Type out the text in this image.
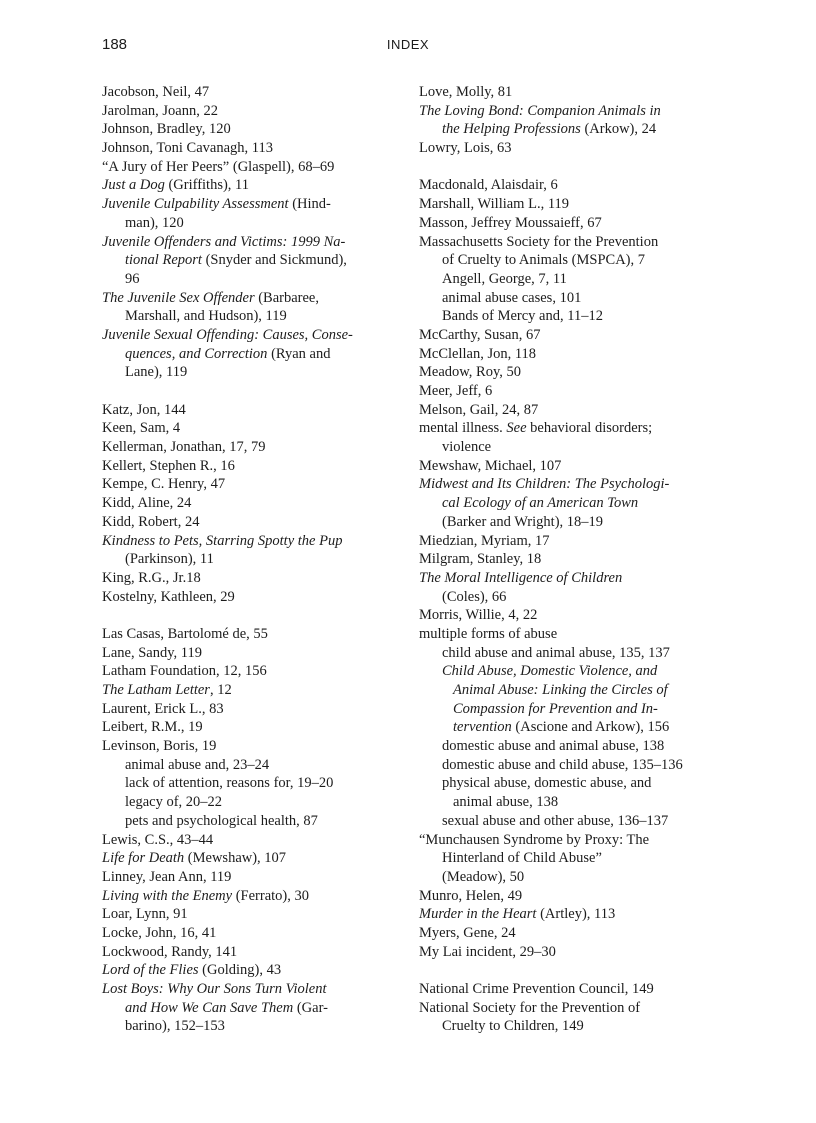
188	INDEX
Jacobson, Neil, 47
Jarolman, Joann, 22
Johnson, Bradley, 120
Johnson, Toni Cavanagh, 113
“A Jury of Her Peers” (Glaspell), 68–69
Just a Dog (Griffiths), 11
Juvenile Culpability Assessment (Hind-
man), 120
Juvenile Offenders and Victims: 1999 Na-
tional Report (Snyder and Sickmund),
96
The Juvenile Sex Offender (Barbaree,
Marshall, and Hudson), 119
Juvenile Sexual Offending: Causes, Conse-
quences, and Correction (Ryan and
Lane), 119
Katz, Jon, 144
Keen, Sam, 4
Kellerman, Jonathan, 17, 79
Kellert, Stephen R., 16
Kempe, C. Henry, 47
Kidd, Aline, 24
Kidd, Robert, 24
Kindness to Pets, Starring Spotty the Pup
(Parkinson), 11
King, R.G., Jr.18
Kostelny, Kathleen, 29
Las Casas, Bartolomé de, 55
Lane, Sandy, 119
Latham Foundation, 12, 156
The Latham Letter, 12
Laurent, Erick L., 83
Leibert, R.M., 19
Levinson, Boris, 19
animal abuse and, 23–24
lack of attention, reasons for, 19–20
legacy of, 20–22
pets and psychological health, 87
Lewis, C.S., 43–44
Life for Death (Mewshaw), 107
Linney, Jean Ann, 119
Living with the Enemy (Ferrato), 30
Loar, Lynn, 91
Locke, John, 16, 41
Lockwood, Randy, 141
Lord of the Flies (Golding), 43
Lost Boys: Why Our Sons Turn Violent
and How We Can Save Them (Gar-
barino), 152–153
Love, Molly, 81
The Loving Bond: Companion Animals in
the Helping Professions (Arkow), 24
Lowry, Lois, 63
Macdonald, Alaisdair, 6
Marshall, William L., 119
Masson, Jeffrey Moussaieff, 67
Massachusetts Society for the Prevention
of Cruelty to Animals (MSPCA), 7
Angell, George, 7, 11
animal abuse cases, 101
Bands of Mercy and, 11–12
McCarthy, Susan, 67
McClellan, Jon, 118
Meadow, Roy, 50
Meer, Jeff, 6
Melson, Gail, 24, 87
mental illness. See behavioral disorders;
violence
Mewshaw, Michael, 107
Midwest and Its Children: The Psychologi-
cal Ecology of an American Town
(Barker and Wright), 18–19
Miedzian, Myriam, 17
Milgram, Stanley, 18
The Moral Intelligence of Children
(Coles), 66
Morris, Willie, 4, 22
multiple forms of abuse
child abuse and animal abuse, 135, 137
Child Abuse, Domestic Violence, and
Animal Abuse: Linking the Circles of
Compassion for Prevention and In-
tervention (Ascione and Arkow), 156
domestic abuse and animal abuse, 138
domestic abuse and child abuse, 135–136
physical abuse, domestic abuse, and
animal abuse, 138
sexual abuse and other abuse, 136–137
“Munchausen Syndrome by Proxy: The
Hinterland of Child Abuse”
(Meadow), 50
Munro, Helen, 49
Murder in the Heart (Artley), 113
Myers, Gene, 24
My Lai incident, 29–30
National Crime Prevention Council, 149
National Society for the Prevention of
Cruelty to Children, 149
